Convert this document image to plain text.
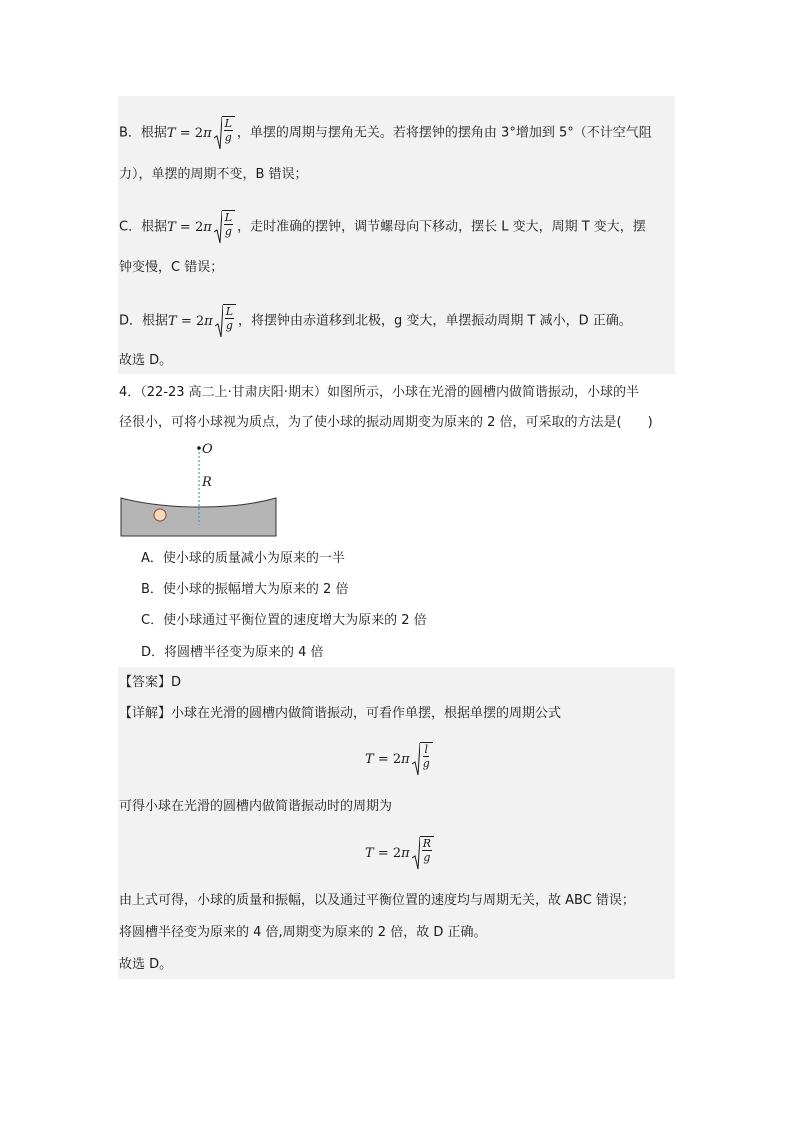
B．根据$T = 2\pi \frac{L}{g}$ ，单摆的周期与摆角无关。若将摆钟的摆角由 3°增加到 5°（不计空气阻
力），单摆的周期不变，B 错误；
C．根据$T = 2\pi \frac{L}{g}$ ，走时准确的摆钟，调节螺母向下移动，摆长 L 变大，周期 T 变大，摆
钟变慢，C 错误；
D．根据$T = 2\pi \frac{L}{g}$ ，将摆钟由赤道移到北极，g 变大，单摆振动周期 T 减小，D 正确。
故选 D。
4．（22-23 高二上·甘肃庆阳·期末）如图所示，小球在光滑的圆槽内做简谐振动，小球的半
径很小，可将小球视为质点，为了使小球的振动周期变为原来的 2 倍，可采取的方法是(　　)
O
R
A．使小球的质量减小为原来的一半
B．使小球的振幅增大为原来的 2 倍
C．使小球通过平衡位置的速度增大为原来的 2 倍
D．将圆槽半径变为原来的 4 倍
【答案】D
【详解】小球在光滑的圆槽内做简谐振动，可看作单摆，根据单摆的周期公式
$T = 2\pi \frac{l}{g}$
可得小球在光滑的圆槽内做简谐振动时的周期为
$T = 2\pi \frac{R}{g}$
由上式可得，小球的质量和振幅，以及通过平衡位置的速度均与周期无关，故 ABC 错误；
将圆槽半径变为原来的 4 倍,周期变为原来的 2 倍，故 D 正确。
故选 D。
